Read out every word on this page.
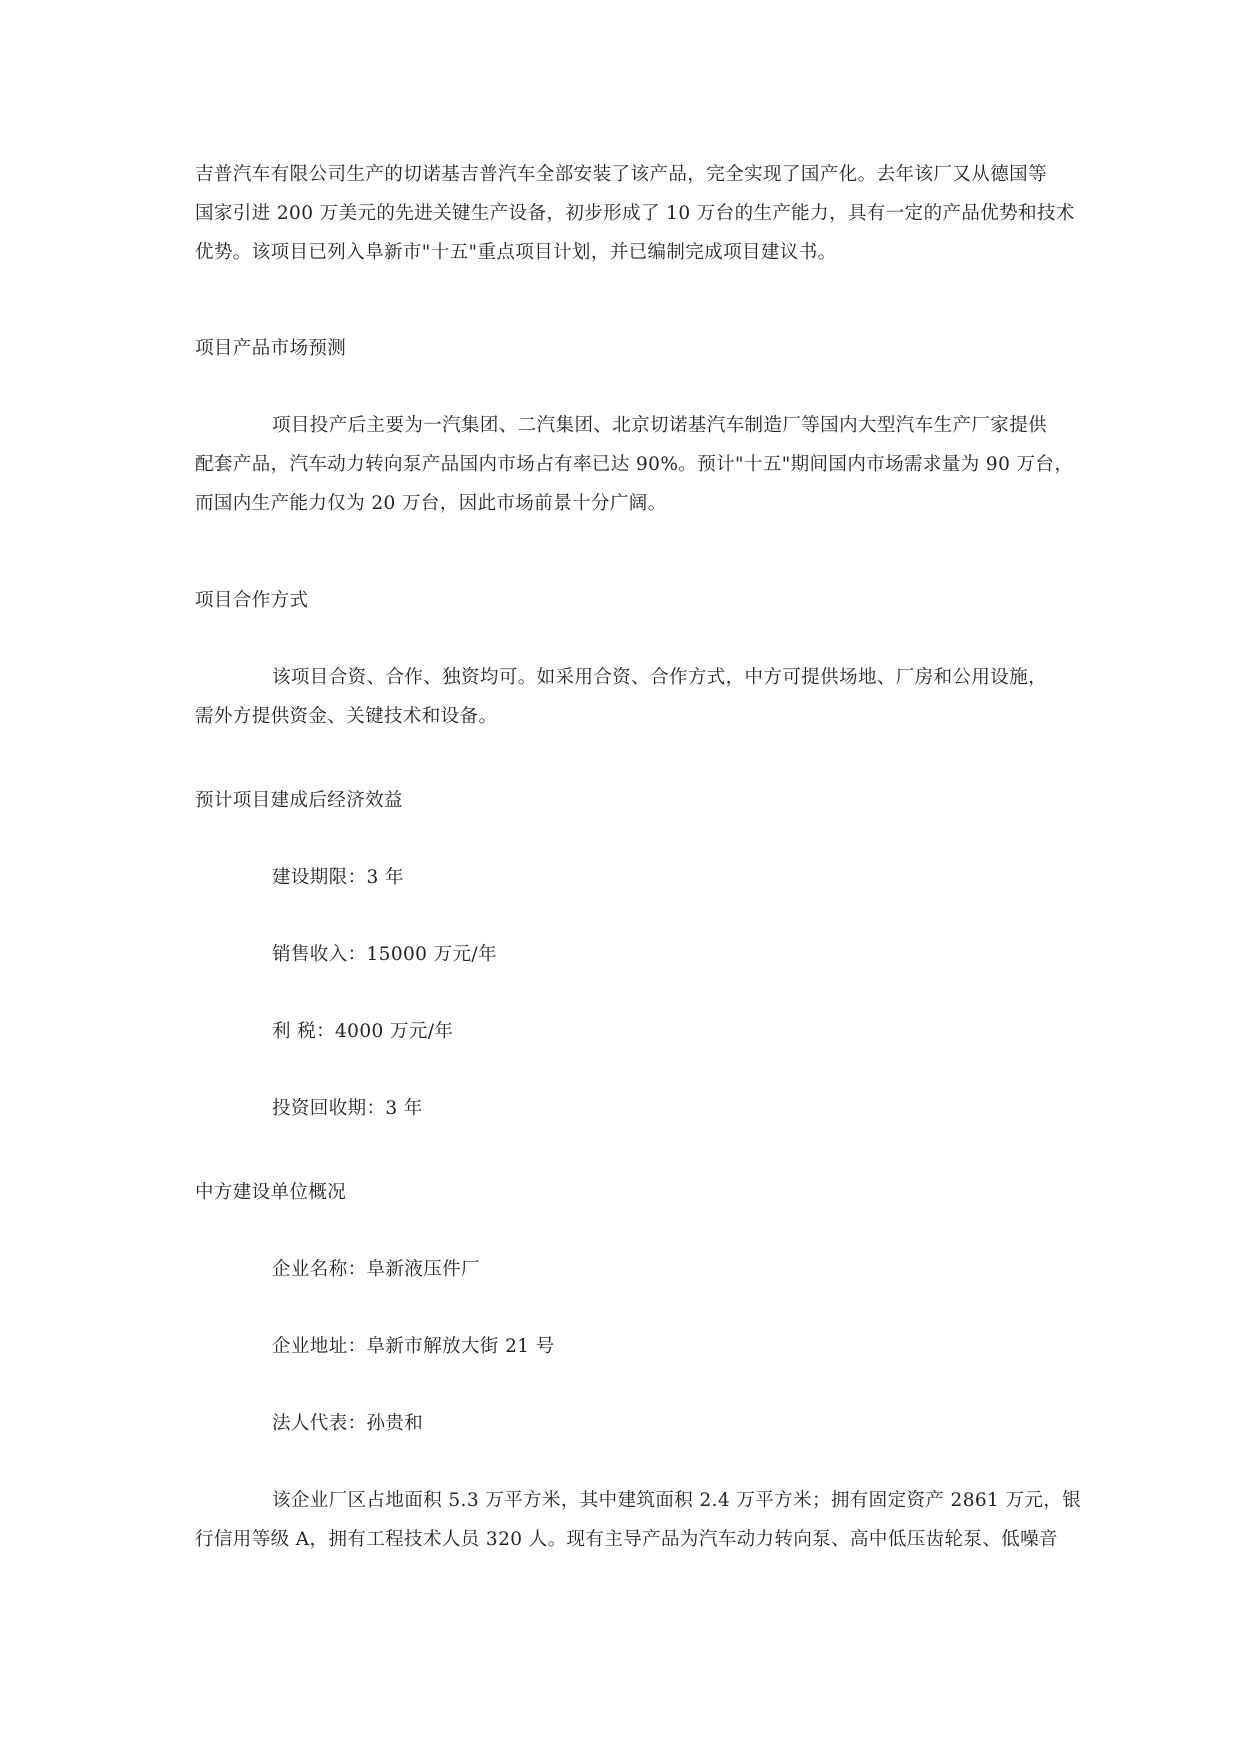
吉普汽车有限公司生产的切诺基吉普汽车全部安装了该产品，完全实现了国产化。去年该厂又从德国等
国家引进 200 万美元的先进关键生产设备，初步形成了 10 万台的生产能力，具有一定的产品优势和技术
优势。该项目已列入阜新市"十五"重点项目计划，并已编制完成项目建议书。
项目产品市场预测
项目投产后主要为一汽集团、二汽集团、北京切诺基汽车制造厂等国内大型汽车生产厂家提供
配套产品，汽车动力转向泵产品国内市场占有率已达 90%。预计"十五"期间国内市场需求量为 90 万台，
而国内生产能力仅为 20 万台，因此市场前景十分广阔。
项目合作方式
该项目合资、合作、独资均可。如采用合资、合作方式，中方可提供场地、厂房和公用设施，
需外方提供资金、关键技术和设备。
预计项目建成后经济效益
建设期限：3 年
销售收入：15000 万元/年
利 税：4000 万元/年
投资回收期：3 年
中方建设单位概况
企业名称：阜新液压件厂
企业地址：阜新市解放大街 21 号
法人代表：孙贵和
该企业厂区占地面积 5.3 万平方米，其中建筑面积 2.4 万平方米；拥有固定资产 2861 万元，银
行信用等级 A，拥有工程技术人员 320 人。现有主导产品为汽车动力转向泵、高中低压齿轮泵、低噪音
